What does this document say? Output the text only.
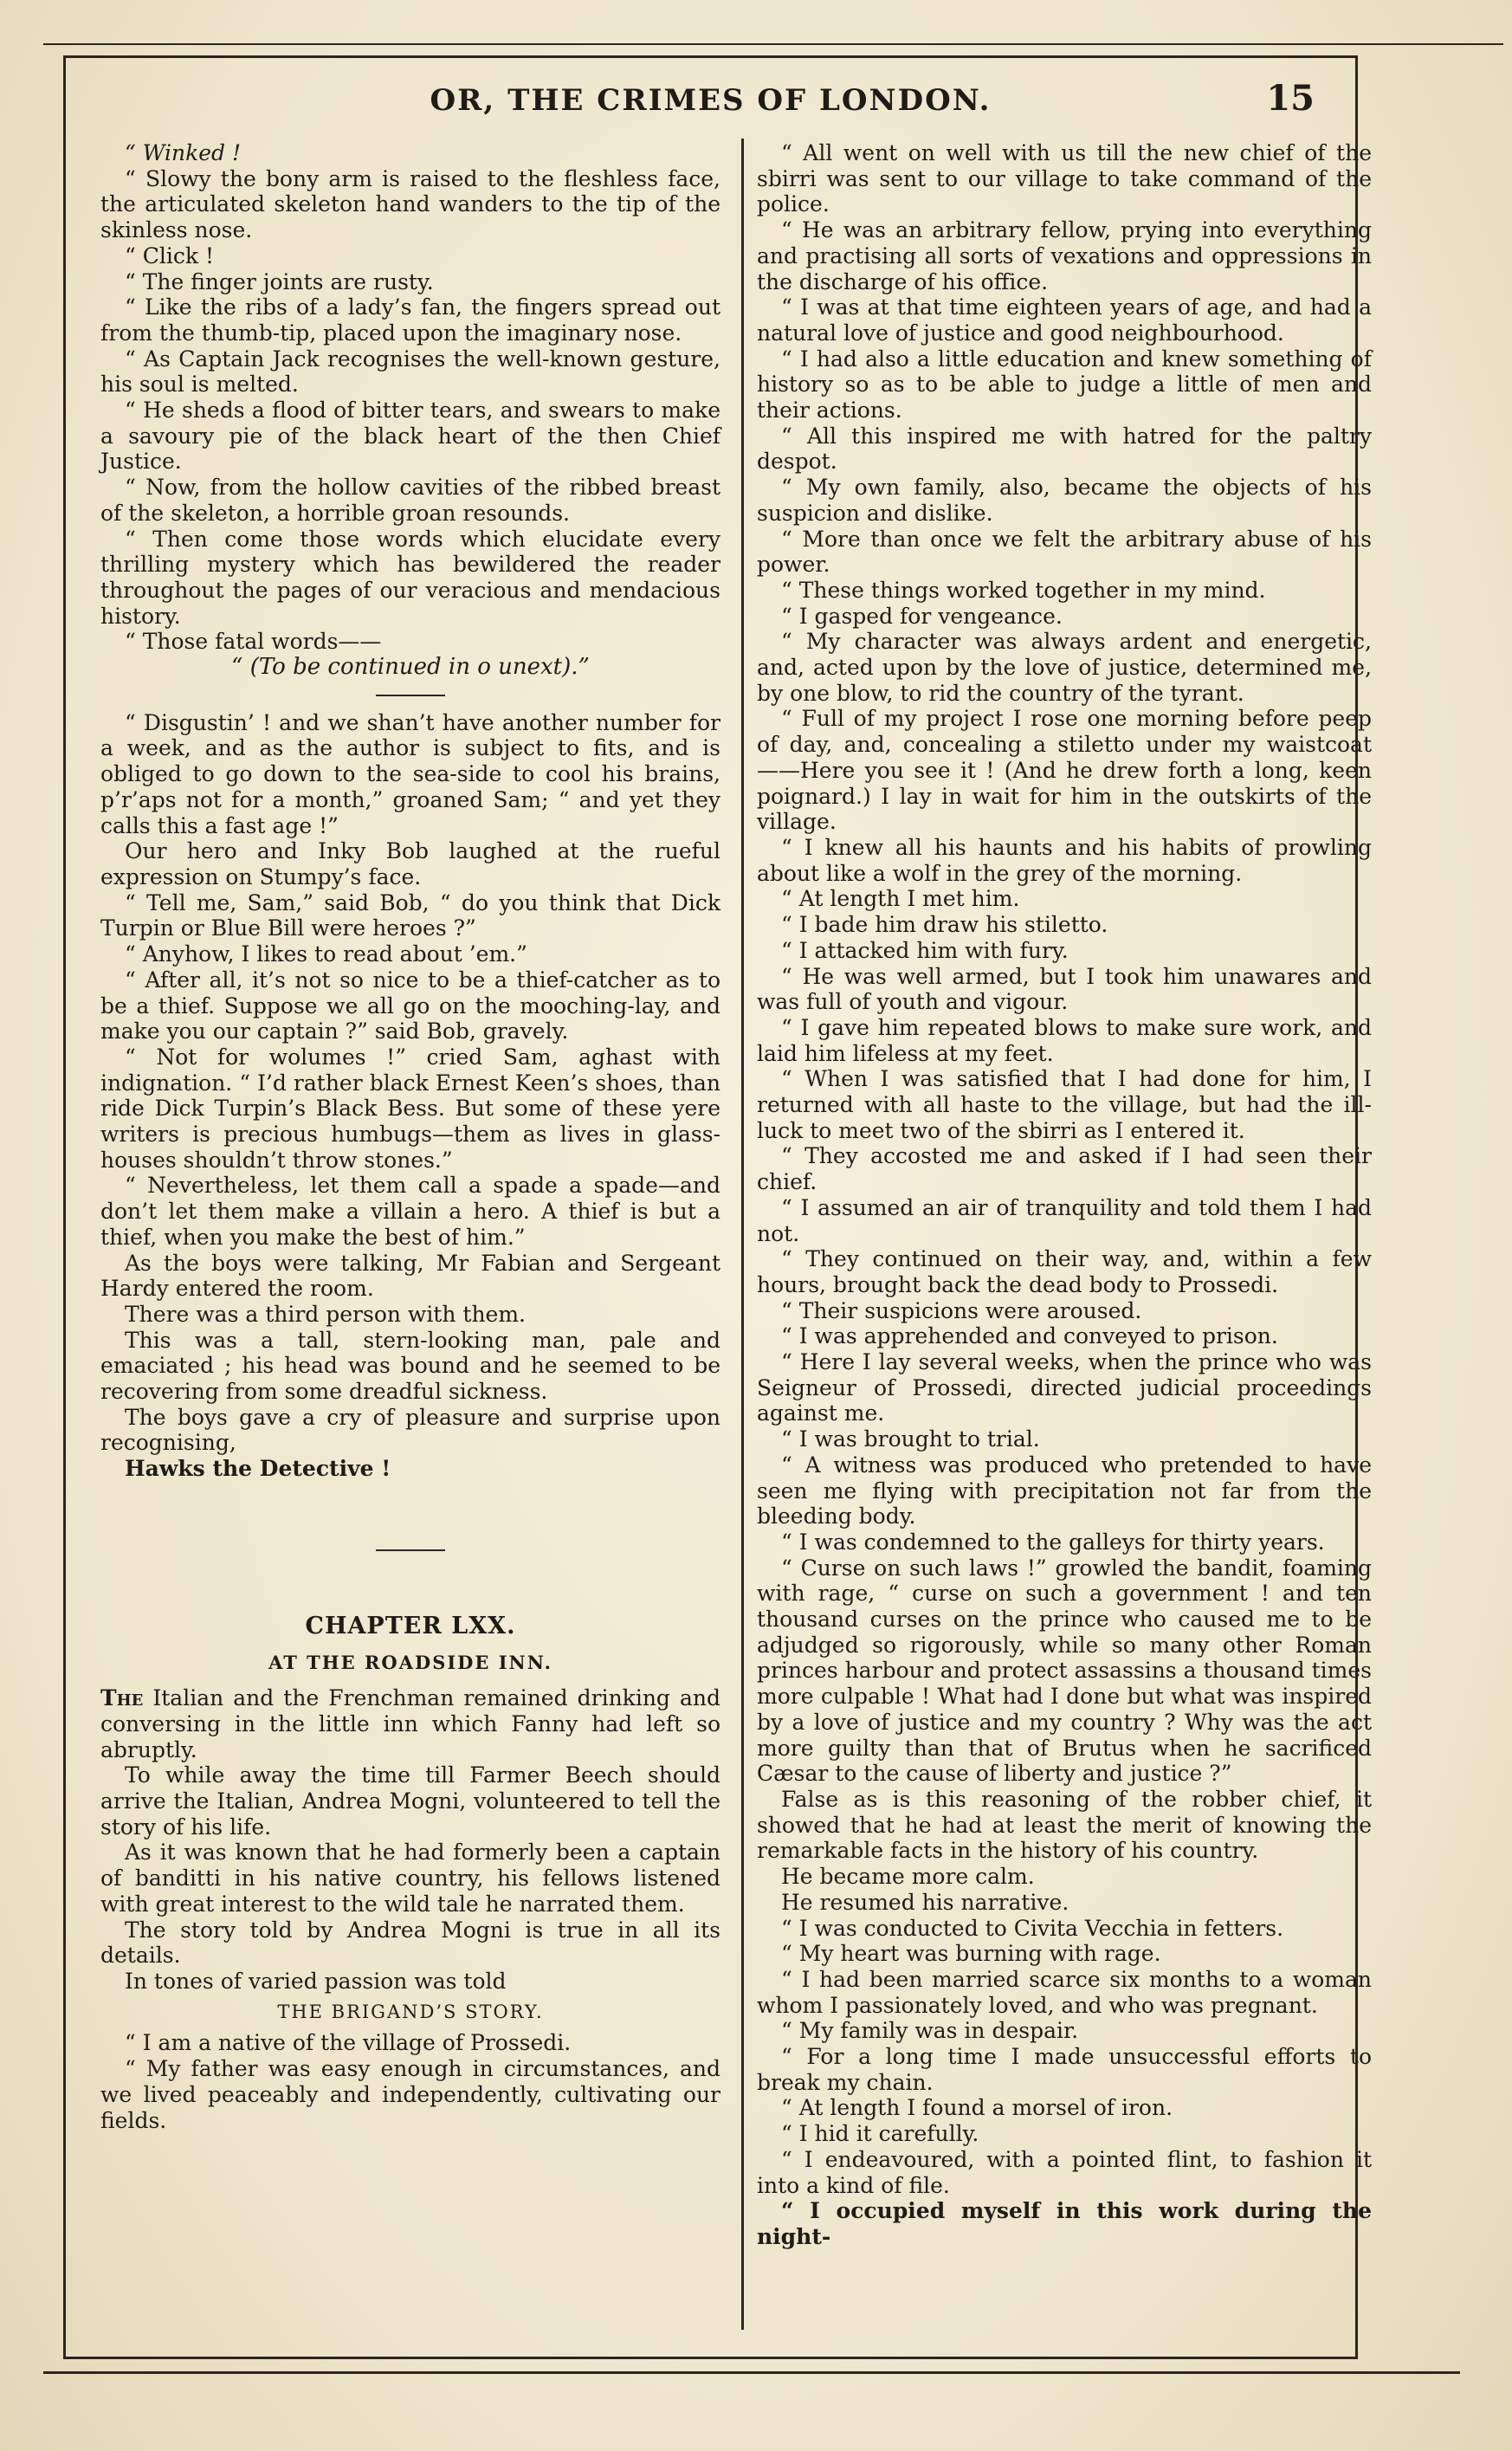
OR, THE CRIMES OF LONDON.	15

“ Winked !

“ Slowy the bony arm is raised to the fleshless face, the articulated skeleton hand wanders to the tip of the skinless nose.

“ Click !

“ The finger joints are rusty.

“ Like the ribs of a lady’s fan, the fingers spread out from the thumb-tip, placed upon the imaginary nose.

“ As Captain Jack recognises the well-known gesture, his soul is melted.

“ He sheds a flood of bitter tears, and swears to make a savoury pie of the black heart of the then Chief Justice.

“ Now, from the hollow cavities of the ribbed breast of the skeleton, a horrible groan resounds.

“ Then come those words which elucidate every thrilling mystery which has bewildered the reader throughout the pages of our veracious and mendacious history.

“ Those fatal words——

“ (To be continued in o unext).”

“ Disgustin’ ! and we shan’t have another number for a week, and as the author is subject to fits, and is obliged to go down to the sea-side to cool his brains, p’r’aps not for a month,” groaned Sam; “ and yet they calls this a fast age !”

Our hero and Inky Bob laughed at the rueful expression on Stumpy’s face.

“ Tell me, Sam,” said Bob, “ do you think that Dick Turpin or Blue Bill were heroes ?”

“ Anyhow, I likes to read about ’em.”

“ After all, it’s not so nice to be a thief-catcher as to be a thief. Suppose we all go on the mooching-lay, and make you our captain ?” said Bob, gravely.

“ Not for wolumes !” cried Sam, aghast with indignation. “ I’d rather black Ernest Keen’s shoes, than ride Dick Turpin’s Black Bess. But some of these yere writers is precious humbugs—them as lives in glass-houses shouldn’t throw stones.”

“ Nevertheless, let them call a spade a spade—and don’t let them make a villain a hero. A thief is but a thief, when you make the best of him.”

As the boys were talking, Mr Fabian and Sergeant Hardy entered the room.

There was a third person with them.

This was a tall, stern-looking man, pale and emaciated ; his head was bound and he seemed to be recovering from some dreadful sickness.

The boys gave a cry of pleasure and surprise upon recognising,

Hawks the Detective !

CHAPTER LXX.
AT THE ROADSIDE INN.

The Italian and the Frenchman remained drinking and conversing in the little inn which Fanny had left so abruptly.

To while away the time till Farmer Beech should arrive the Italian, Andrea Mogni, volunteered to tell the story of his life.

As it was known that he had formerly been a captain of banditti in his native country, his fellows listened with great interest to the wild tale he narrated them.

The story told by Andrea Mogni is true in all its details.

In tones of varied passion was told

THE BRIGAND’S STORY.

“ I am a native of the village of Prossedi.

“ My father was easy enough in circumstances, and we lived peaceably and independently, cultivating our fields.

“ All went on well with us till the new chief of the sbirri was sent to our village to take command of the police.

“ He was an arbitrary fellow, prying into everything and practising all sorts of vexations and oppressions in the discharge of his office.

“ I was at that time eighteen years of age, and had a natural love of justice and good neighbourhood.

“ I had also a little education and knew something of history so as to be able to judge a little of men and their actions.

“ All this inspired me with hatred for the paltry despot.

“ My own family, also, became the objects of his suspicion and dislike.

“ More than once we felt the arbitrary abuse of his power.

“ These things worked together in my mind.

“ I gasped for vengeance.

“ My character was always ardent and energetic, and, acted upon by the love of justice, determined me, by one blow, to rid the country of the tyrant.

“ Full of my project I rose one morning before peep of day, and, concealing a stiletto under my waistcoat——Here you see it ! (And he drew forth a long, keen poignard.) I lay in wait for him in the outskirts of the village.

“ I knew all his haunts and his habits of prowling about like a wolf in the grey of the morning.

“ At length I met him.

“ I bade him draw his stiletto.

“ I attacked him with fury.

“ He was well armed, but I took him unawares and was full of youth and vigour.

“ I gave him repeated blows to make sure work, and laid him lifeless at my feet.

“ When I was satisfied that I had done for him, I returned with all haste to the village, but had the ill-luck to meet two of the sbirri as I entered it.

“ They accosted me and asked if I had seen their chief.

“ I assumed an air of tranquility and told them I had not.

“ They continued on their way, and, within a few hours, brought back the dead body to Prossedi.

“ Their suspicions were aroused.

“ I was apprehended and conveyed to prison.

“ Here I lay several weeks, when the prince who was Seigneur of Prossedi, directed judicial proceedings against me.

“ I was brought to trial.

“ A witness was produced who pretended to have seen me flying with precipitation not far from the bleeding body.

“ I was condemned to the galleys for thirty years.

“ Curse on such laws !” growled the bandit, foaming with rage, “ curse on such a government ! and ten thousand curses on the prince who caused me to be adjudged so rigorously, while so many other Roman princes harbour and protect assassins a thousand times more culpable ! What had I done but what was inspired by a love of justice and my country ? Why was the act more guilty than that of Brutus when he sacrificed Cæsar to the cause of liberty and justice ?”

False as is this reasoning of the robber chief, it showed that he had at least the merit of knowing the remarkable facts in the history of his country.

He became more calm.

He resumed his narrative.

“ I was conducted to Civita Vecchia in fetters.

“ My heart was burning with rage.

“ I had been married scarce six months to a woman whom I passionately loved, and who was pregnant.

“ My family was in despair.

“ For a long time I made unsuccessful efforts to break my chain.

“ At length I found a morsel of iron.

“ I hid it carefully.

“ I endeavoured, with a pointed flint, to fashion it into a kind of file.

“ I occupied myself in this work during the night-
